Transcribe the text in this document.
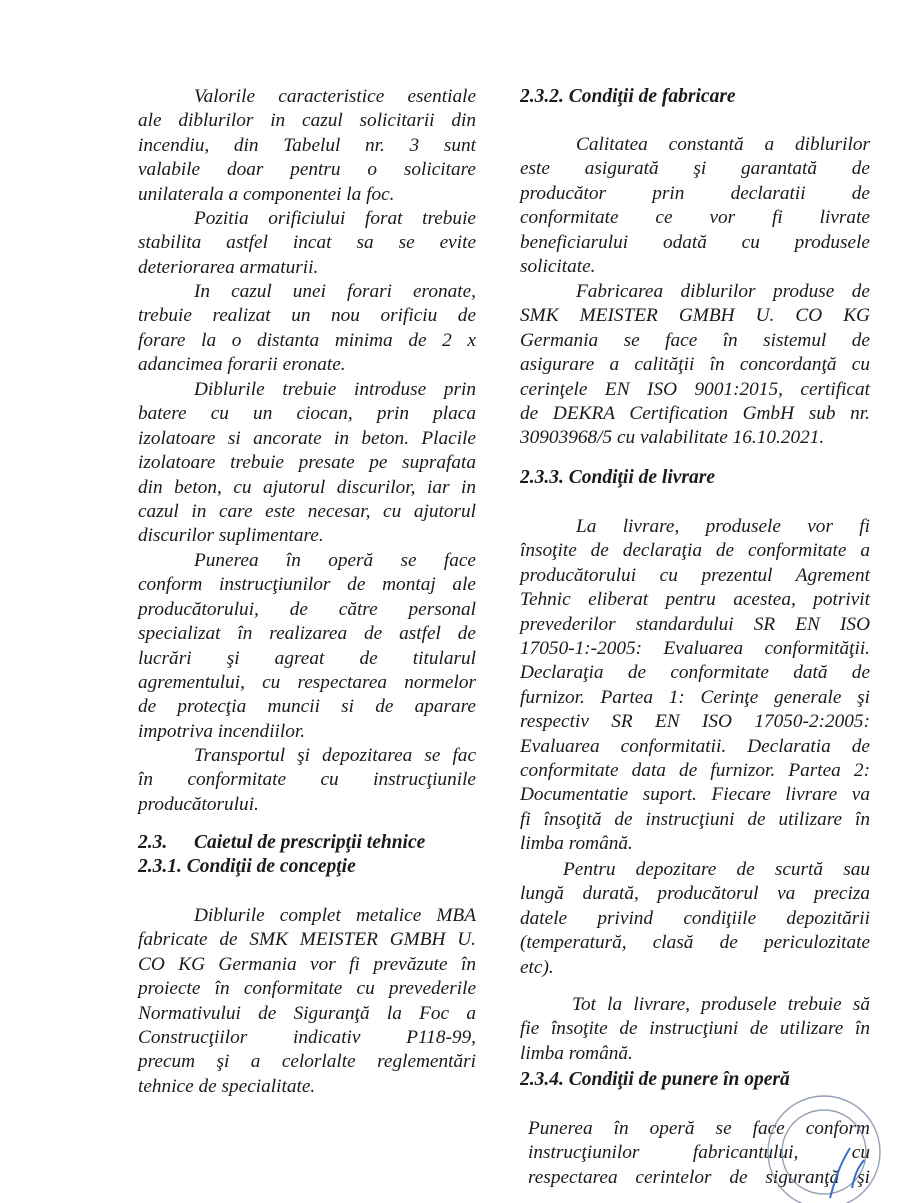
Valorile caracteristice esentiale
ale diblurilor in cazul solicitarii din
incendiu, din Tabelul nr. 3 sunt
valabile doar pentru o solicitare
unilaterala a componentei la foc.
Pozitia orificiului forat trebuie
stabilita astfel incat sa se evite
deteriorarea armaturii.
In cazul unei forari eronate,
trebuie realizat un nou orificiu de
forare la o distanta minima de 2 x
adancimea forarii eronate.
Diblurile trebuie introduse prin
batere cu un ciocan, prin placa
izolatoare si ancorate in beton. Placile
izolatoare trebuie presate pe suprafata
din beton, cu ajutorul discurilor, iar in
cazul in care este necesar, cu ajutorul
discurilor suplimentare.
Punerea în operă se face
conform instrucţiunilor de montaj ale
producătorului, de către personal
specializat în realizarea de astfel de
lucrări şi agreat de titularul
agrementului, cu respectarea normelor
de protecţia muncii si de aparare
impotriva incendiilor.
Transportul şi depozitarea se fac
în conformitate cu instrucţiunile
producătorului.
2.3. Caietul de prescripţii tehnice
2.3.1. Condiţii de concepţie
Diblurile complet metalice MBA
fabricate de SMK MEISTER GMBH U.
CO KG Germania vor fi prevăzute în
proiecte în conformitate cu prevederile
Normativului de Siguranţă la Foc a
Construcţiilor indicativ P118-99,
precum şi a celorlalte reglementări
tehnice de specialitate.
2.3.2. Condiţii de fabricare
Calitatea constantă a diblurilor
este asigurată şi garantată de
producător prin declaratii de
conformitate ce vor fi livrate
beneficiarului odată cu produsele
solicitate.
Fabricarea diblurilor produse de
SMK MEISTER GMBH U. CO KG
Germania se face în sistemul de
asigurare a calităţii în concordanţă cu
cerinţele EN ISO 9001:2015, certificat
de DEKRA Certification GmbH sub nr.
30903968/5 cu valabilitate 16.10.2021.
2.3.3. Condiţii de livrare
La livrare, produsele vor fi
însoţite de declaraţia de conformitate a
producătorului cu prezentul Agrement
Tehnic eliberat pentru acestea, potrivit
prevederilor standardului SR EN ISO
17050-1:-2005: Evaluarea conformităţii.
Declaraţia de conformitate dată de
furnizor. Partea 1: Cerinţe generale şi
respectiv SR EN ISO 17050-2:2005:
Evaluarea conformitatii. Declaratia de
conformitate data de furnizor. Partea 2:
Documentatie suport. Fiecare livrare va
fi însoţită de instrucţiuni de utilizare în
limba română.
Pentru depozitare de scurtă sau
lungă durată, producătorul va preciza
datele privind condiţiile depozitării
(temperatură, clasă de periculozitate
etc).
Tot la livrare, produsele trebuie să
fie însoţite de instrucţiuni de utilizare în
limba română.
2.3.4. Condiţii de punere în operă
Punerea în operă se face conform
instrucţiunilor fabricantului, cu
respectarea cerintelor de siguranţă şi
